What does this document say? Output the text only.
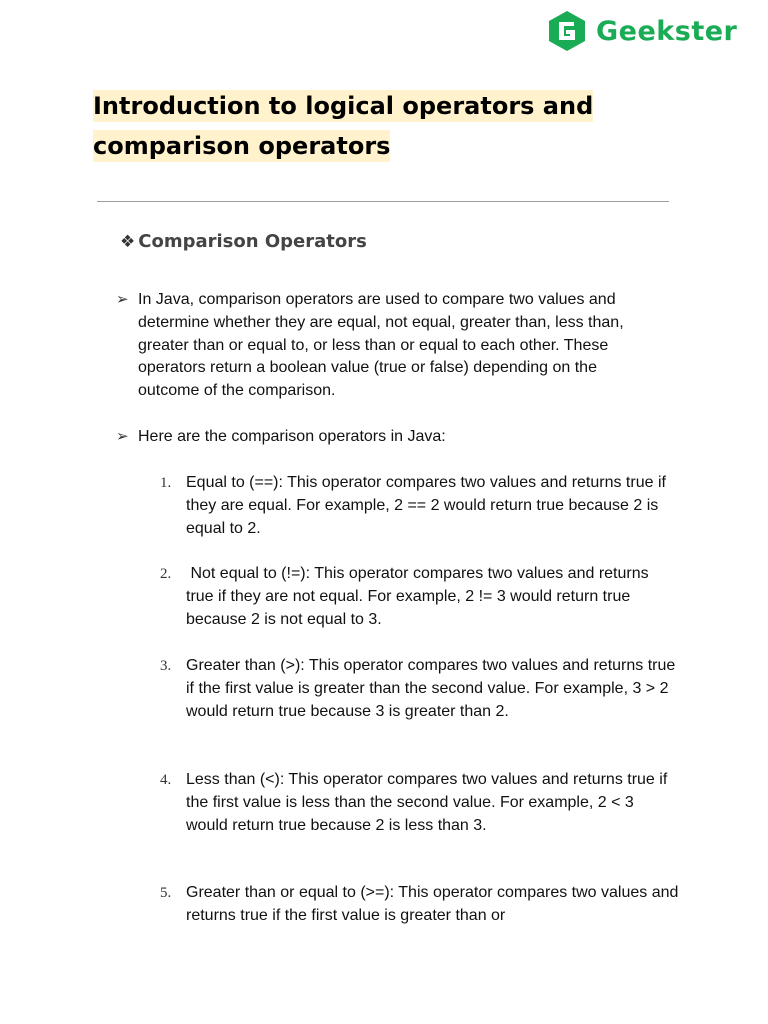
Geekster
Introduction to logical operators and comparison operators
❖ Comparison Operators
➢ In Java, comparison operators are used to compare two values and determine whether they are equal, not equal, greater than, less than, greater than or equal to, or less than or equal to each other. These operators return a boolean value (true or false) depending on the outcome of the comparison.
➢ Here are the comparison operators in Java:
1. Equal to (==): This operator compares two values and returns true if they are equal. For example, 2 == 2 would return true because 2 is equal to 2.
2. Not equal to (!=): This operator compares two values and returns true if they are not equal. For example, 2 != 3 would return true because 2 is not equal to 3.
3. Greater than (>): This operator compares two values and returns true if the first value is greater than the second value. For example, 3 > 2 would return true because 3 is greater than 2.
4. Less than (<): This operator compares two values and returns true if the first value is less than the second value. For example, 2 < 3 would return true because 2 is less than 3.
5. Greater than or equal to (>=): This operator compares two values and returns true if the first value is greater than or
